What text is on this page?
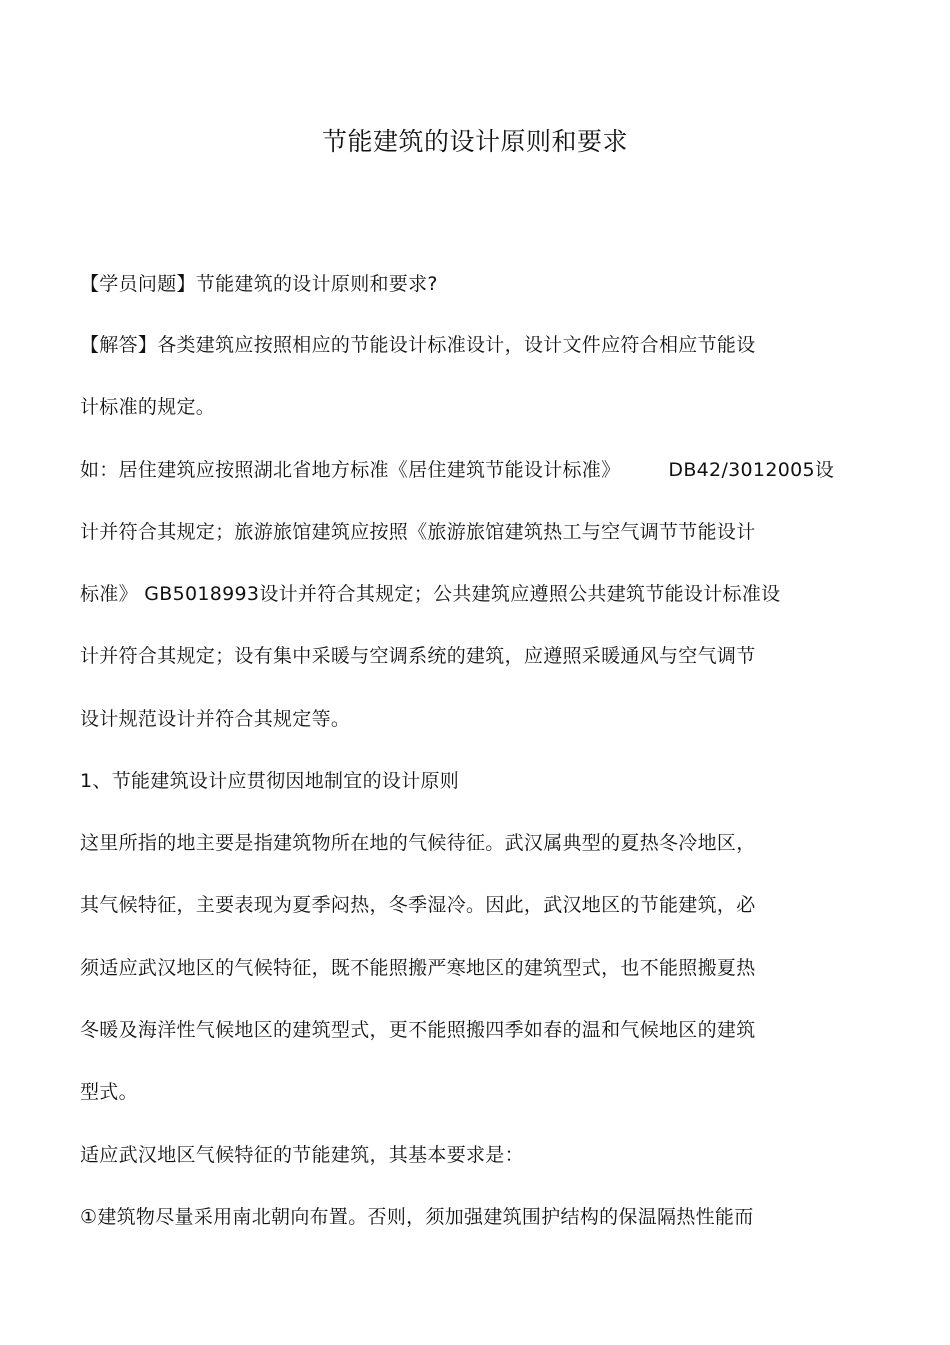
节能建筑的设计原则和要求
【学员问题】节能建筑的设计原则和要求?
【解答】各类建筑应按照相应的节能设计标准设计，设计文件应符合相应节能设
计标准的规定。
如：居住建筑应按照湖北省地方标准《居住建筑节能设计标准》	DB42/3012005设
计并符合其规定；旅游旅馆建筑应按照《旅游旅馆建筑热工与空气调节节能设计
标准》 GB5018993设计并符合其规定；公共建筑应遵照公共建筑节能设计标准设
计并符合其规定；设有集中采暖与空调系统的建筑，应遵照采暖通风与空气调节
设计规范设计并符合其规定等。
1、节能建筑设计应贯彻因地制宜的设计原则
这里所指的地主要是指建筑物所在地的气候待征。武汉属典型的夏热冬冷地区，
其气候特征，主要表现为夏季闷热，冬季湿冷。因此，武汉地区的节能建筑，必
须适应武汉地区的气候特征，既不能照搬严寒地区的建筑型式，也不能照搬夏热
冬暖及海洋性气候地区的建筑型式，更不能照搬四季如春的温和气候地区的建筑
型式。
适应武汉地区气候特征的节能建筑，其基本要求是：
①建筑物尽量采用南北朝向布置。否则，须加强建筑围护结构的保温隔热性能而
